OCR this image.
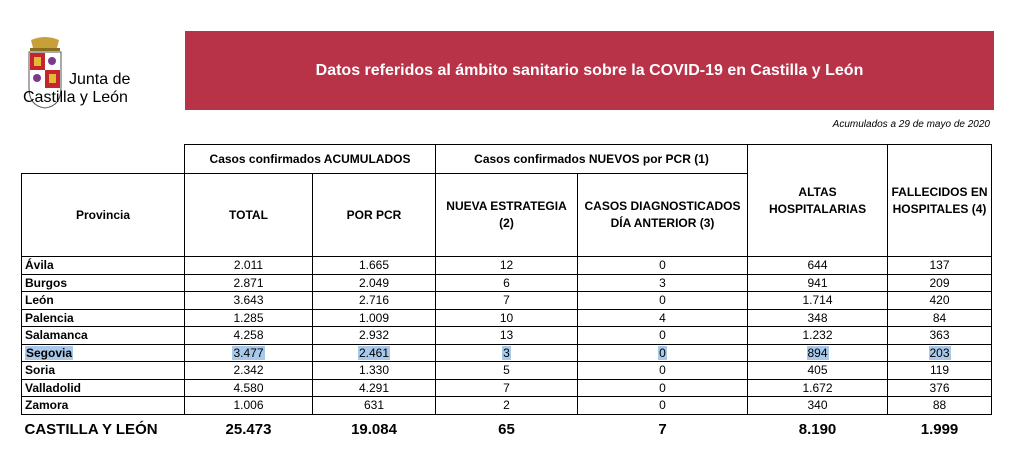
Junta de
Castilla y León
Datos referidos al ámbito sanitario sobre la COVID-19 en Castilla y León
Acumulados a 29 de mayo de 2020
	Casos confirmados ACUMULADOS		Casos confirmados NUEVOS por PCR (1)		ALTAS HOSPITALARIAS	FALLECIDOS EN HOSPITALES (4)
Provincia	TOTAL	POR PCR	NUEVA ESTRATEGIA (2)	CASOS DIAGNOSTICADOS DÍA ANTERIOR (3)		
Ávila	2.011	1.665	12	0	644	137
Burgos	2.871	2.049	6	3	941	209
León	3.643	2.716	7	0	1.714	420
Palencia	1.285	1.009	10	4	348	84
Salamanca	4.258	2.932	13	0	1.232	363
Segovia	3.477	2.461	3	0	894	203
Soria	2.342	1.330	5	0	405	119
Valladolid	4.580	4.291	7	0	1.672	376
Zamora	1.006	631	2	0	340	88
CASTILLA Y LEÓN	25.473	19.084	65	7	8.190	1.999
